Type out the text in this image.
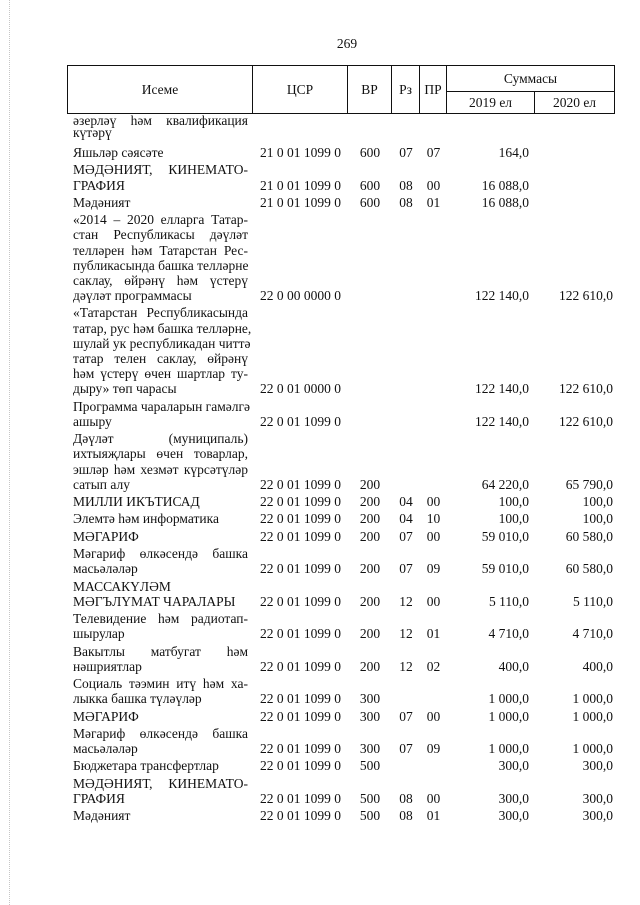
269
Исеме	ЦСР	ВР	Рз ПР
Суммасы
2019 ел	2020 ел
әзерләү һәм квалификация
күтәрү
Яшьләр сәясәте	21 0 01 1099 0	600	07	07	164,0
МӘДӘНИЯТ, КИНЕМАТО-
ГРАФИЯ	21 0 01 1099 0	600	08	00	16 088,0
Мәдәният	21 0 01 1099 0	600	08	01	16 088,0
«2014 – 2020 елларга Татар-
стан Республикасы дәүләт
телләрен һәм Татарстан Рес-
публикасында башка телләрне
саклау, өйрәнү һәм үстерү
дәүләт программасы	22 0 00 0000 0	122 140,0	122 610,0
«Татарстан Республикасында
татар, рус һәм башка телләрне,
шулай ук республикадан читтә
татар телен саклау, өйрәнү
һәм үстерү өчен шартлар ту-
дыру» төп чарасы	22 0 01 0000 0	122 140,0	122 610,0
Программа чараларын гамәлгә
ашыру	22 0 01 1099 0	122 140,0	122 610,0
Дәүләт (муниципаль)
ихтыяҗлары өчен товарлар,
эшләр һәм хезмәт күрсәтүләр
сатып алу	22 0 01 1099 0	200	64 220,0	65 790,0
МИЛЛИ ИКЪТИСАД	22 0 01 1099 0	200	04	00	100,0	100,0
Элемтә һәм информатика	22 0 01 1099 0	200	04	10	100,0	100,0
МӘГАРИФ	22 0 01 1099 0	200	07	00	59 010,0	60 580,0
Мәгариф өлкәсендә башка
масьәләләр	22 0 01 1099 0	200	07	09	59 010,0	60 580,0
МАССАКҮЛӘМ
МӘГЪЛҮМАТ ЧАРАЛАРЫ	22 0 01 1099 0	200	12	00	5 110,0	5 110,0
Телевидение һәм радиотап-
шырулар	22 0 01 1099 0	200	12	01	4 710,0	4 710,0
Вакытлы матбугат һәм
нәшриятлар	22 0 01 1099 0	200	12	02	400,0	400,0
Социаль тәэмин итү һәм ха-
лыкка башка түләүләр	22 0 01 1099 0	300	1 000,0	1 000,0
МӘГАРИФ	22 0 01 1099 0	300	07	00	1 000,0	1 000,0
Мәгариф өлкәсендә башка
масьәләләр	22 0 01 1099 0	300	07	09	1 000,0	1 000,0
Бюджетара трансфертлар	22 0 01 1099 0	500	300,0	300,0
МӘДӘНИЯТ, КИНЕМАТО-
ГРАФИЯ	22 0 01 1099 0	500	08	00	300,0	300,0
Мәдәният	22 0 01 1099 0	500	08	01	300,0	300,0
